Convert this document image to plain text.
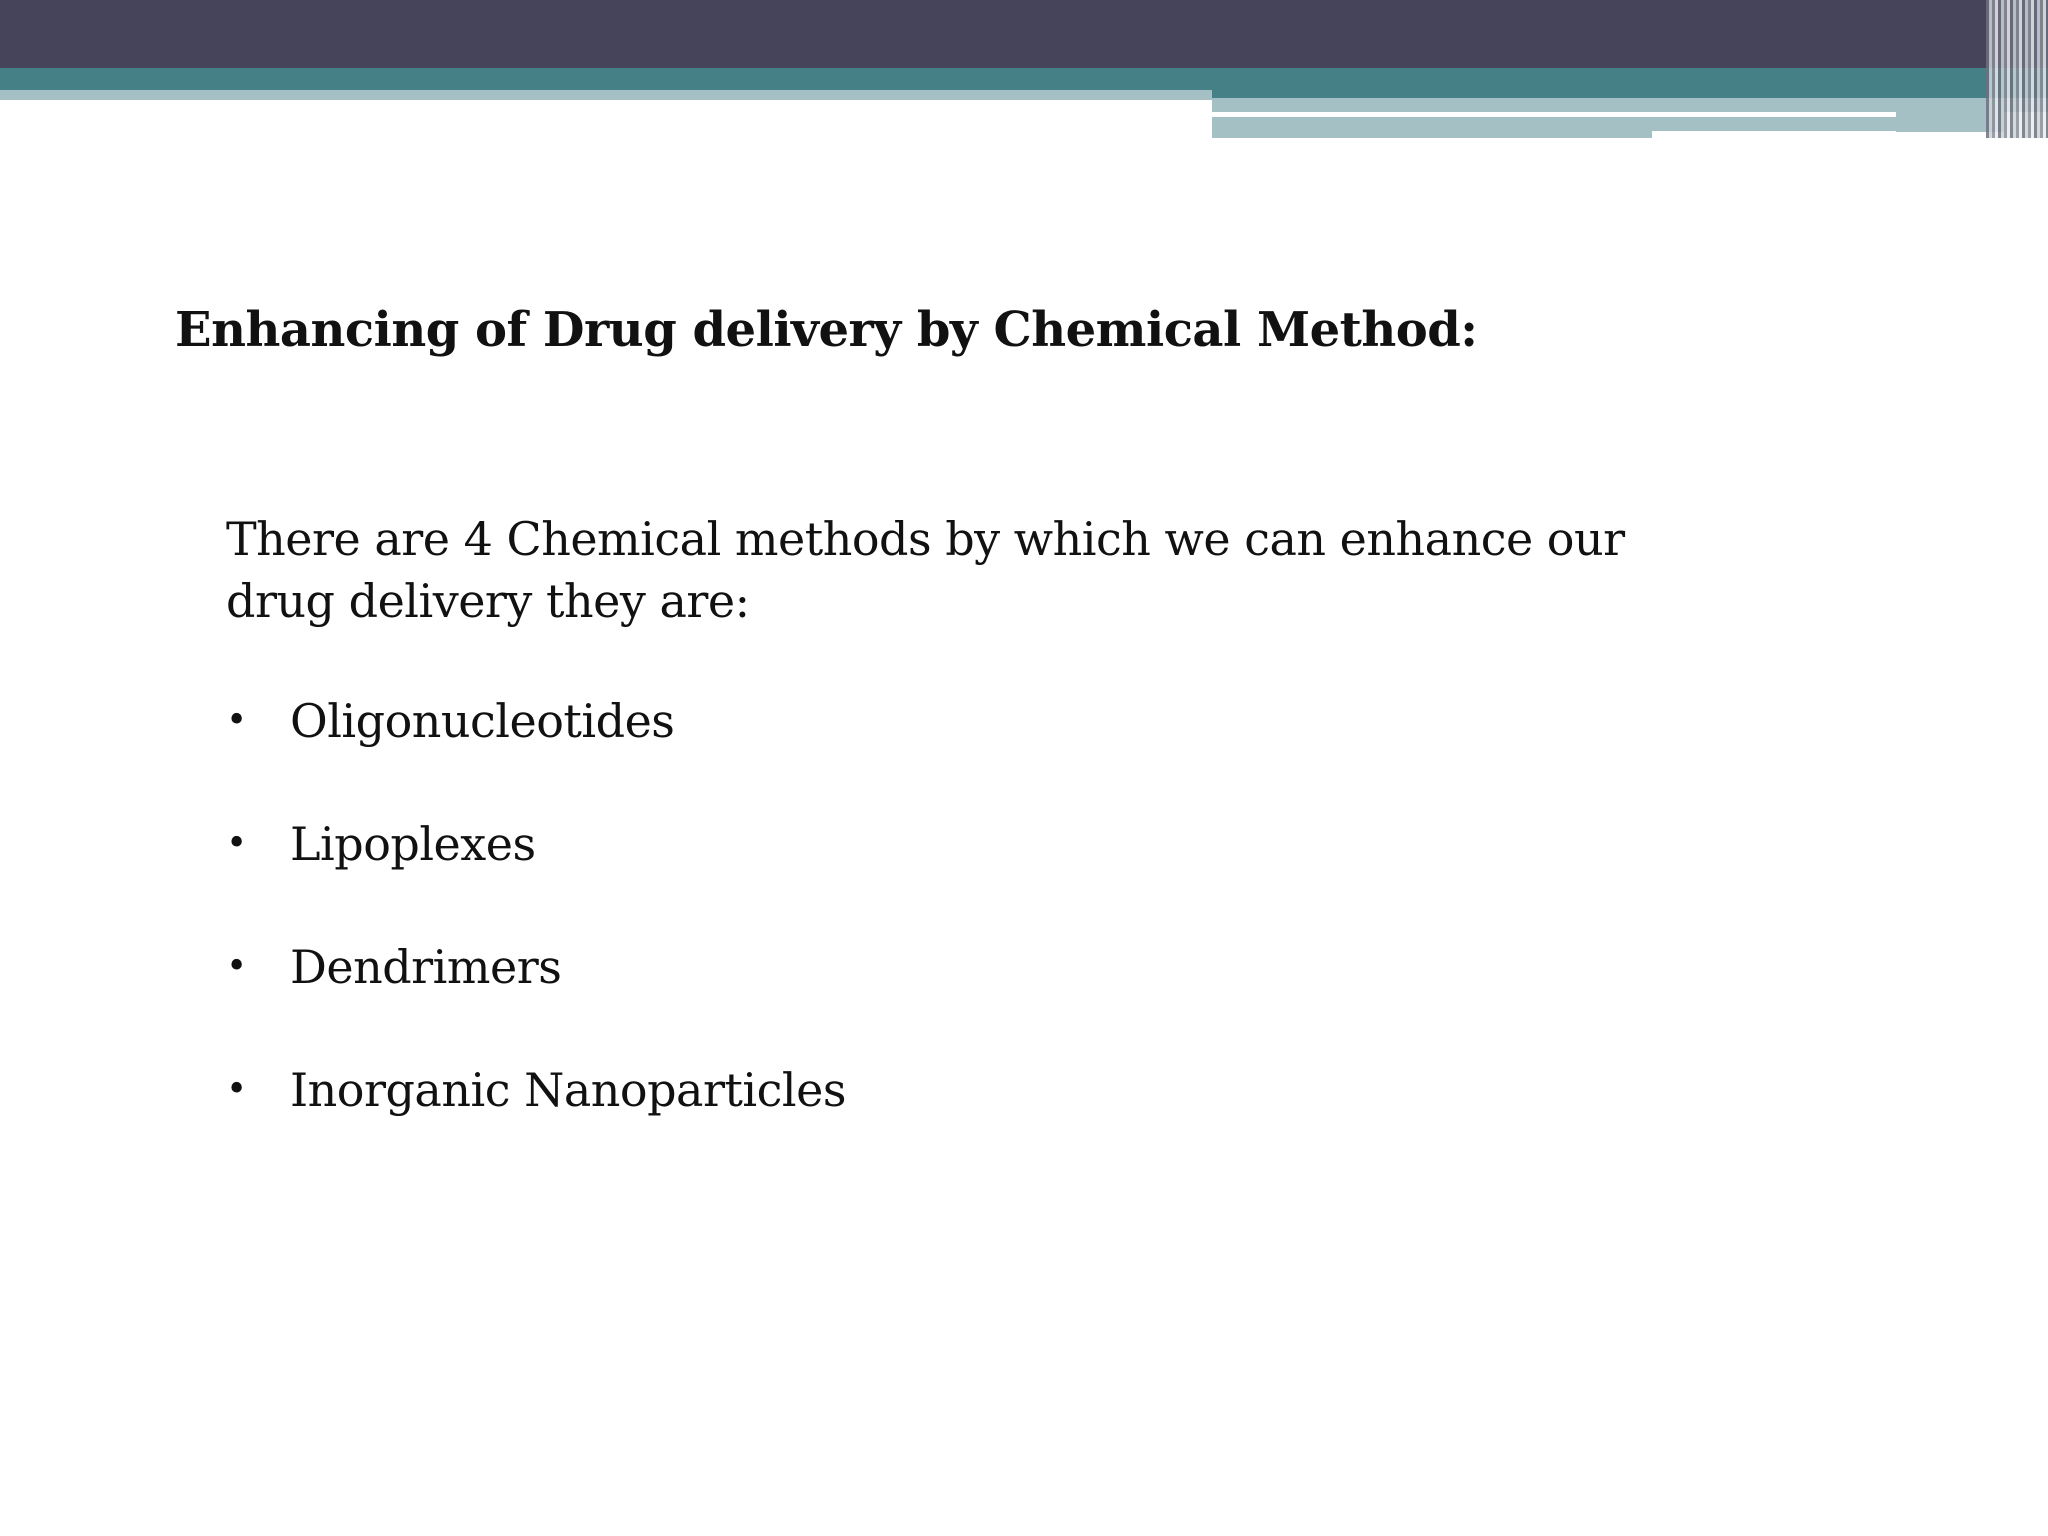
Enhancing of Drug delivery by Chemical Method:

There are 4 Chemical methods by which we can enhance our drug delivery they are:

• Oligonucleotides
• Lipoplexes
• Dendrimers
• Inorganic Nanoparticles
